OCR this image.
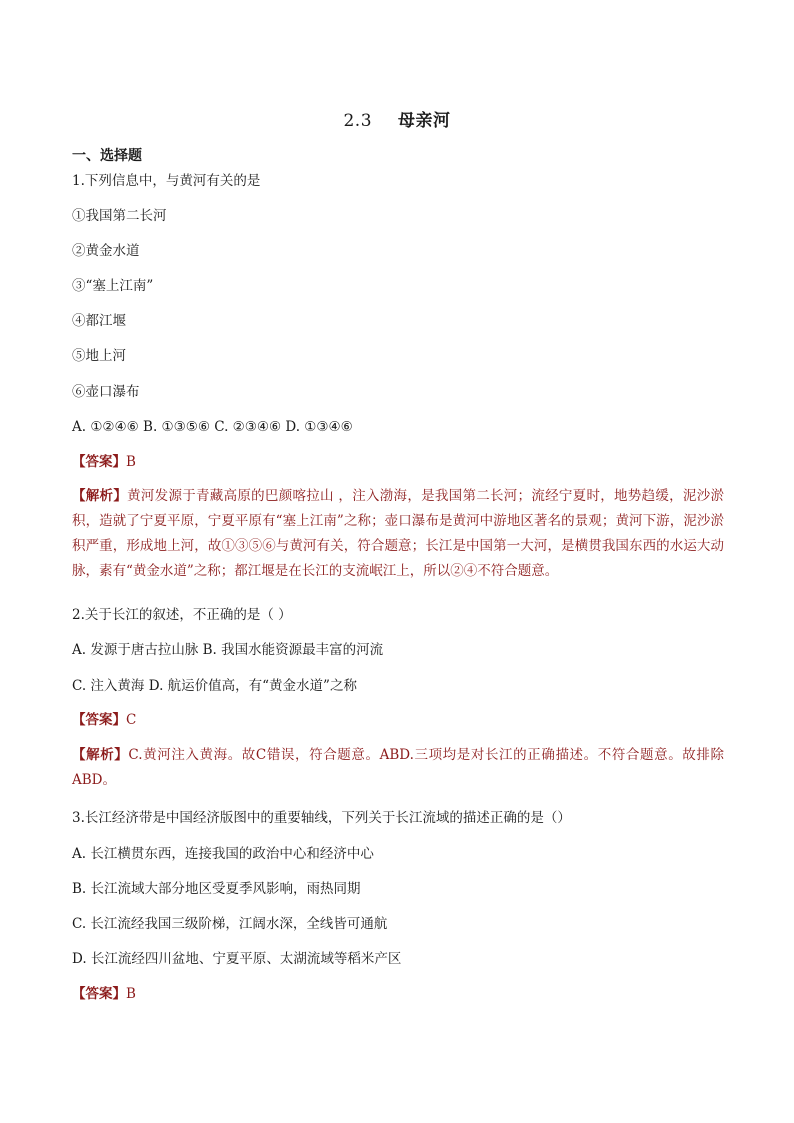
2.3 母亲河
一、选择题
1.下列信息中，与黄河有关的是
①我国第二长河
②黄金水道
③“塞上江南”
④都江堰
⑤地上河
⑥壶口瀑布
A. ①②④⑥ B. ①③⑤⑥ C. ②③④⑥ D. ①③④⑥
【答案】B
【解析】黄河发源于青藏高原的巴颜喀拉山 ，注入渤海，是我国第二长河；流经宁夏时，地势趋缓，泥沙淤积，造就了宁夏平原，宁夏平原有“塞上江南”之称；壶口瀑布是黄河中游地区著名的景观；黄河下游，泥沙淤积严重，形成地上河，故①③⑤⑥与黄河有关，符合题意；长江是中国第一大河，是横贯我国东西的水运大动脉，素有“黄金水道”之称；都江堰是在长江的支流岷江上，所以②④不符合题意。
2.关于长江的叙述，不正确的是（ ）
A. 发源于唐古拉山脉 B. 我国水能资源最丰富的河流
C. 注入黄海 D. 航运价值高，有“黄金水道”之称
【答案】C
【解析】C.黄河注入黄海。故C错误，符合题意。ABD.三项均是对长江的正确描述。不符合题意。故排除ABD。
3.长江经济带是中国经济版图中的重要轴线，下列关于长江流域的描述正确的是（）
A. 长江横贯东西，连接我国的政治中心和经济中心
B. 长江流域大部分地区受夏季风影响，雨热同期
C. 长江流经我国三级阶梯，江阔水深，全线皆可通航
D. 长江流经四川盆地、宁夏平原、太湖流域等稻米产区
【答案】B
